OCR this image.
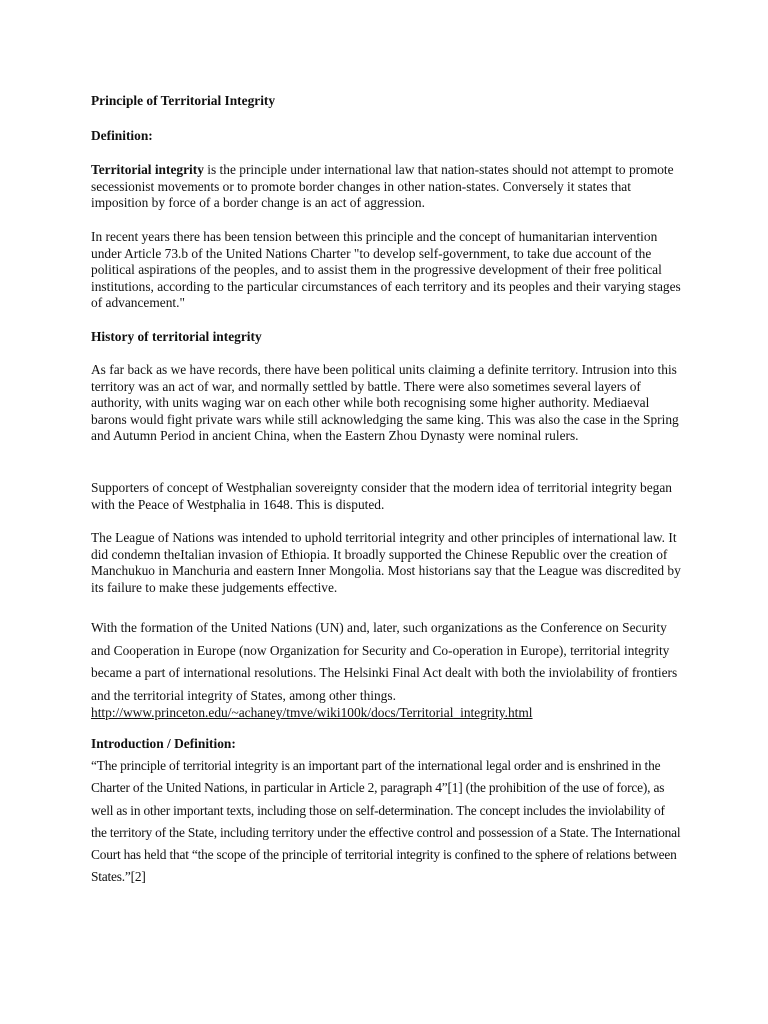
Principle of Territorial Integrity

Definition:

Territorial integrity is the principle under international law that nation-states should not attempt to promote secessionist movements or to promote border changes in other nation-states. Conversely it states that imposition by force of a border change is an act of aggression.

In recent years there has been tension between this principle and the concept of humanitarian intervention under Article 73.b of the United Nations Charter "to develop self-government, to take due account of the political aspirations of the peoples, and to assist them in the progressive development of their free political institutions, according to the particular circumstances of each territory and its peoples and their varying stages of advancement."

History of territorial integrity

As far back as we have records, there have been political units claiming a definite territory. Intrusion into this territory was an act of war, and normally settled by battle. There were also sometimes several layers of authority, with units waging war on each other while both recognising some higher authority. Mediaeval barons would fight private wars while still acknowledging the same king. This was also the case in the Spring and Autumn Period in ancient China, when the Eastern Zhou Dynasty were nominal rulers.

Supporters of concept of Westphalian sovereignty consider that the modern idea of territorial integrity began with the Peace of Westphalia in 1648. This is disputed.

The League of Nations was intended to uphold territorial integrity and other principles of international law. It did condemn theItalian invasion of Ethiopia. It broadly supported the Chinese Republic over the creation of Manchukuo in Manchuria and eastern Inner Mongolia. Most historians say that the League was discredited by its failure to make these judgements effective.

With the formation of the United Nations (UN) and, later, such organizations as the Conference on Security and Cooperation in Europe (now Organization for Security and Co-operation in Europe), territorial integrity became a part of international resolutions. The Helsinki Final Act dealt with both the inviolability of frontiers and the territorial integrity of States, among other things.

http://www.princeton.edu/~achaney/tmve/wiki100k/docs/Territorial_integrity.html

Introduction / Definition:

“The principle of territorial integrity is an important part of the international legal order and is enshrined in the Charter of the United Nations, in particular in Article 2, paragraph 4”[1] (the prohibition of the use of force), as well as in other important texts, including those on self-determination. The concept includes the inviolability of the territory of the State, including territory under the effective control and possession of a State. The International Court has held that “the scope of the principle of territorial integrity is confined to the sphere of relations between States.”[2]
